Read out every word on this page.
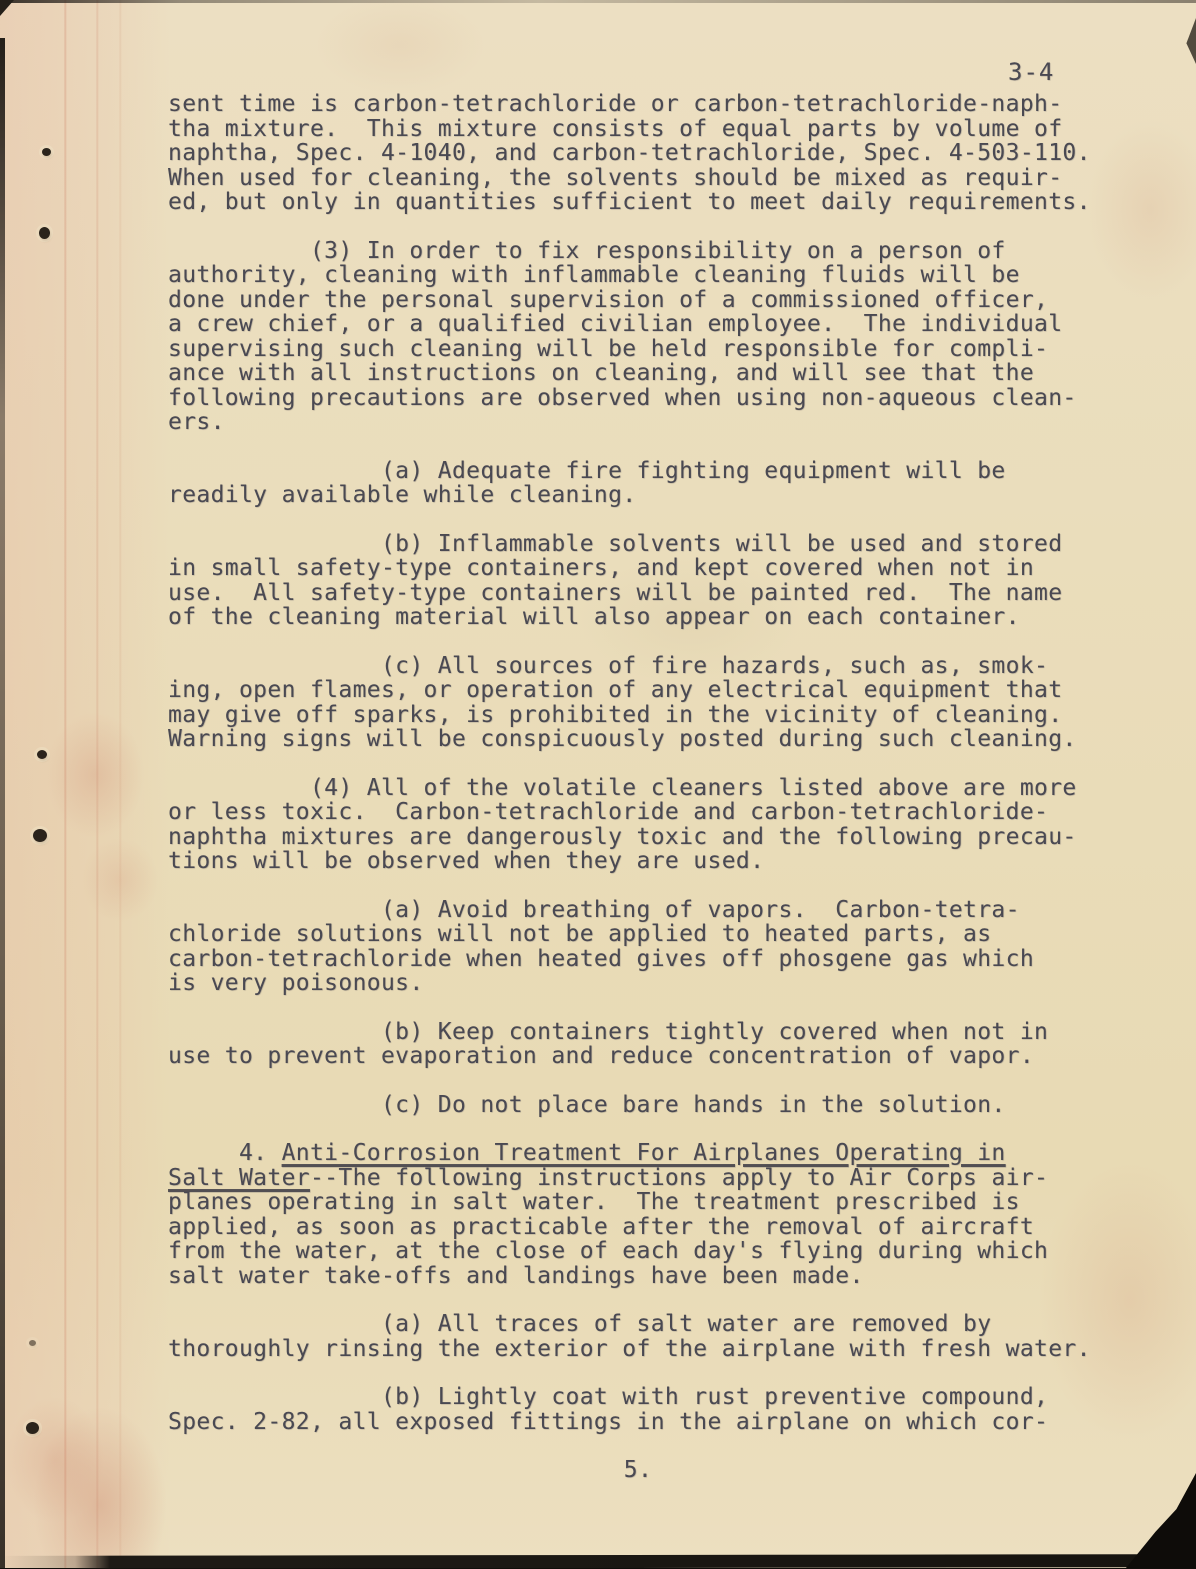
3-4
sent time is carbon-tetrachloride or carbon-tetrachloride-naph-
tha mixture.  This mixture consists of equal parts by volume of
naphtha, Spec. 4-1040, and carbon-tetrachloride, Spec. 4-503-110.
When used for cleaning, the solvents should be mixed as requir-
ed, but only in quantities sufficient to meet daily requirements.
(3) In order to fix responsibility on a person of
authority, cleaning with inflammable cleaning fluids will be
done under the personal supervision of a commissioned officer,
a crew chief, or a qualified civilian employee.  The individual
supervising such cleaning will be held responsible for compli-
ance with all instructions on cleaning, and will see that the
following precautions are observed when using non-aqueous clean-
ers.
(a) Adequate fire fighting equipment will be
readily available while cleaning.
(b) Inflammable solvents will be used and stored
in small safety-type containers, and kept covered when not in
use.  All safety-type containers will be painted red.  The name
of the cleaning material will also appear on each container.
(c) All sources of fire hazards, such as, smok-
ing, open flames, or operation of any electrical equipment that
may give off sparks, is prohibited in the vicinity of cleaning.
Warning signs will be conspicuously posted during such cleaning.
(4) All of the volatile cleaners listed above are more
or less toxic.  Carbon-tetrachloride and carbon-tetrachloride-
naphtha mixtures are dangerously toxic and the following precau-
tions will be observed when they are used.
(a) Avoid breathing of vapors.  Carbon-tetra-
chloride solutions will not be applied to heated parts, as
carbon-tetrachloride when heated gives off phosgene gas which
is very poisonous.
(b) Keep containers tightly covered when not in
use to prevent evaporation and reduce concentration of vapor.
(c) Do not place bare hands in the solution.
4. Anti-Corrosion Treatment For Airplanes Operating in
Salt Water--The following instructions apply to Air Corps air-
planes operating in salt water.  The treatment prescribed is
applied, as soon as practicable after the removal of aircraft
from the water, at the close of each day's flying during which
salt water take-offs and landings have been made.
(a) All traces of salt water are removed by
thoroughly rinsing the exterior of the airplane with fresh water.
(b) Lightly coat with rust preventive compound,
Spec. 2-82, all exposed fittings in the airplane on which cor-
5.
